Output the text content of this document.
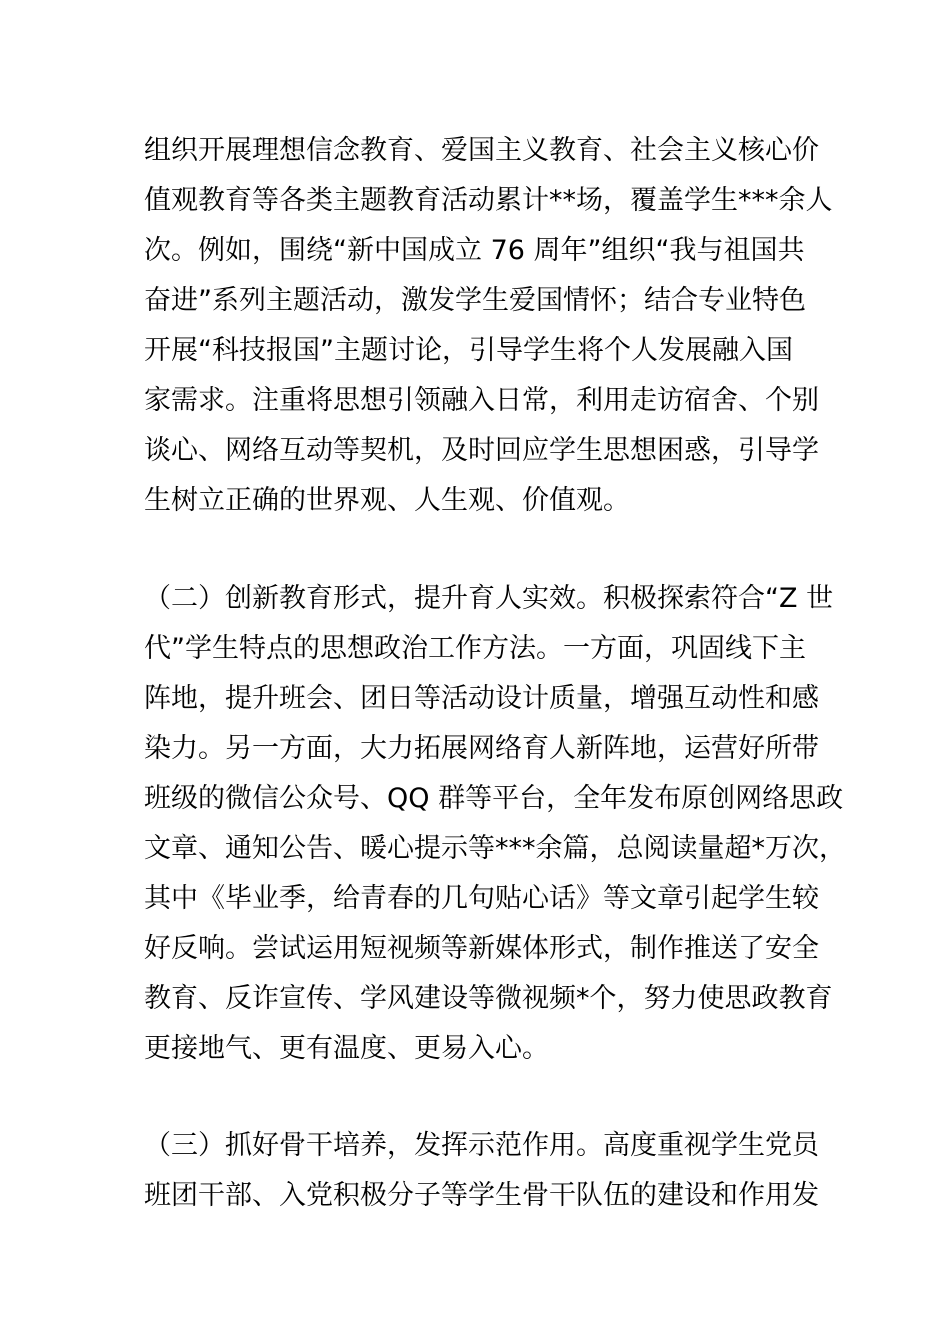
组织开展理想信念教育、爱国主义教育、社会主义核心价
值观教育等各类主题教育活动累计**场，覆盖学生***余人
次。例如，围绕“新中国成立 76 周年”组织“我与祖国共
奋进”系列主题活动，激发学生爱国情怀；结合专业特色
开展“科技报国”主题讨论，引导学生将个人发展融入国
家需求。注重将思想引领融入日常，利用走访宿舍、个别
谈心、网络互动等契机，及时回应学生思想困惑，引导学
生树立正确的世界观、人生观、价值观。
（二）创新教育形式，提升育人实效。积极探索符合“Z 世
代”学生特点的思想政治工作方法。一方面，巩固线下主
阵地，提升班会、团日等活动设计质量，增强互动性和感
染力。另一方面，大力拓展网络育人新阵地，运营好所带
班级的微信公众号、QQ 群等平台，全年发布原创网络思政
文章、通知公告、暖心提示等***余篇，总阅读量超*万次，
其中《毕业季，给青春的几句贴心话》等文章引起学生较
好反响。尝试运用短视频等新媒体形式，制作推送了安全
教育、反诈宣传、学风建设等微视频*个，努力使思政教育
更接地气、更有温度、更易入心。
（三）抓好骨干培养，发挥示范作用。高度重视学生党员
班团干部、入党积极分子等学生骨干队伍的建设和作用发
